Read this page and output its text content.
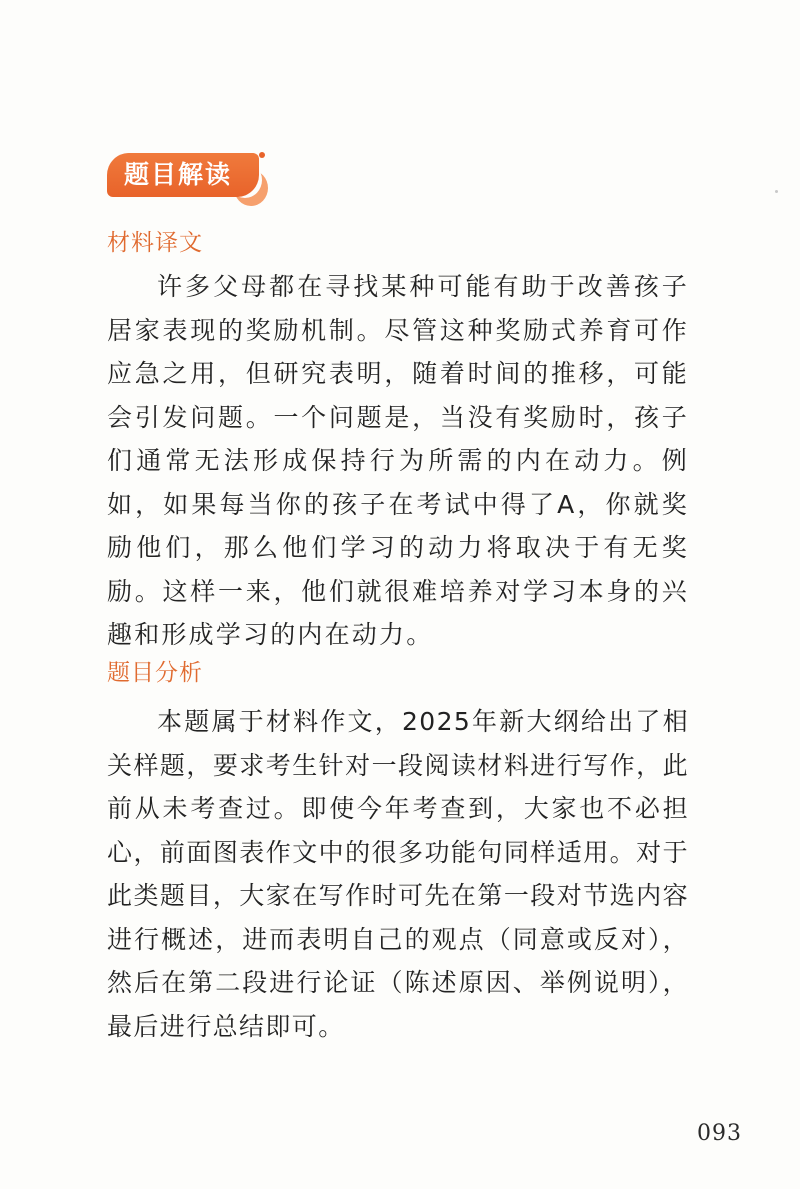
题目解读
材料译文

许多父母都在寻找某种可能有助于改善孩子居家表现的奖励机制。尽管这种奖励式养育可作应急之用，但研究表明，随着时间的推移，可能会引发问题。一个问题是，当没有奖励时，孩子们通常无法形成保持行为所需的内在动力。例如，如果每当你的孩子在考试中得了A，你就奖励他们，那么他们学习的动力将取决于有无奖励。这样一来，他们就很难培养对学习本身的兴趣和形成学习的内在动力。

题目分析

本题属于材料作文，2025年新大纲给出了相关样题，要求考生针对一段阅读材料进行写作，此前从未考查过。即使今年考查到，大家也不必担心，前面图表作文中的很多功能句同样适用。对于此类题目，大家在写作时可先在第一段对节选内容进行概述，进而表明自己的观点（同意或反对），然后在第二段进行论证（陈述原因、举例说明），最后进行总结即可。

093
